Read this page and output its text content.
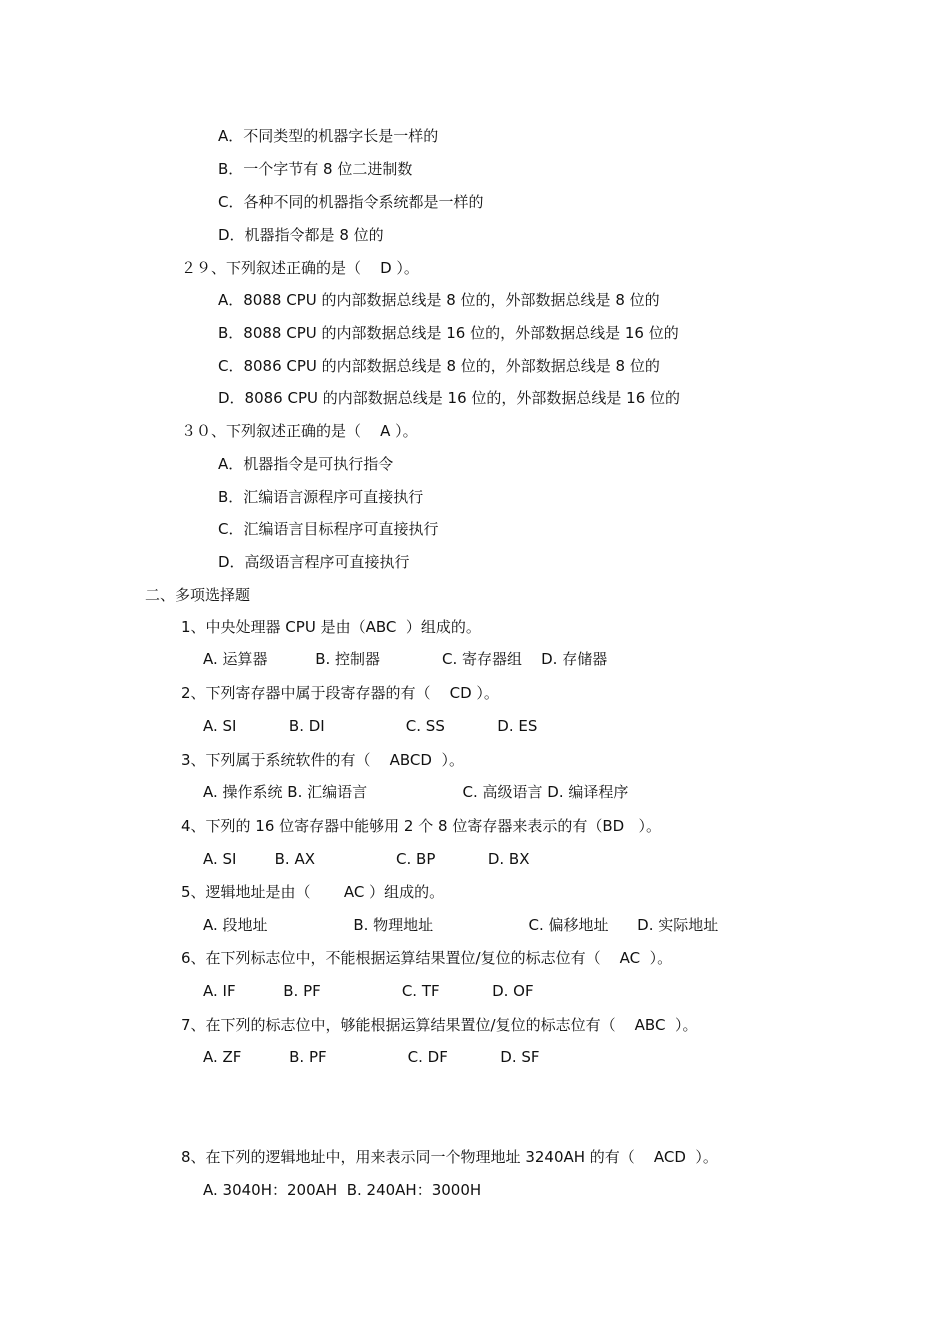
A．不同类型的机器字长是一样的
B．一个字节有 8 位二进制数
C．各种不同的机器指令系统都是一样的
D．机器指令都是 8 位的
２９、下列叙述正确的是（    D ）。
A．8088 CPU 的内部数据总线是 8 位的，外部数据总线是 8 位的
B．8088 CPU 的内部数据总线是 16 位的，外部数据总线是 16 位的
C．8086 CPU 的内部数据总线是 8 位的，外部数据总线是 8 位的
D．8086 CPU 的内部数据总线是 16 位的，外部数据总线是 16 位的
３０、下列叙述正确的是（    A ）。
A．机器指令是可执行指令
B．汇编语言源程序可直接执行
C．汇编语言目标程序可直接执行
D．高级语言程序可直接执行
二、多项选择题
1、中央处理器 CPU 是由（ABC  ）组成的。
A. 运算器          B. 控制器             C. 寄存器组    D. 存储器
2、下列寄存器中属于段寄存器的有（    CD ）。
A. SI           B. DI                 C. SS           D. ES
3、下列属于系统软件的有（    ABCD  ）。
A. 操作系统 B. 汇编语言                    C. 高级语言 D. 编译程序
4、下列的 16 位寄存器中能够用 2 个 8 位寄存器来表示的有（BD   ）。
A. SI        B. AX                 C. BP           D. BX
5、逻辑地址是由（       AC ）组成的。
A. 段地址                  B. 物理地址                    C. 偏移地址      D. 实际地址
6、在下列标志位中，不能根据运算结果置位/复位的标志位有（    AC  ）。
A. IF          B. PF                 C. TF           D. OF
7、在下列的标志位中，够能根据运算结果置位/复位的标志位有（    ABC  ）。
A. ZF          B. PF                 C. DF           D. SF
8、在下列的逻辑地址中，用来表示同一个物理地址 3240AH 的有（    ACD  ）。
A. 3040H：200AH  B. 240AH：3000H
